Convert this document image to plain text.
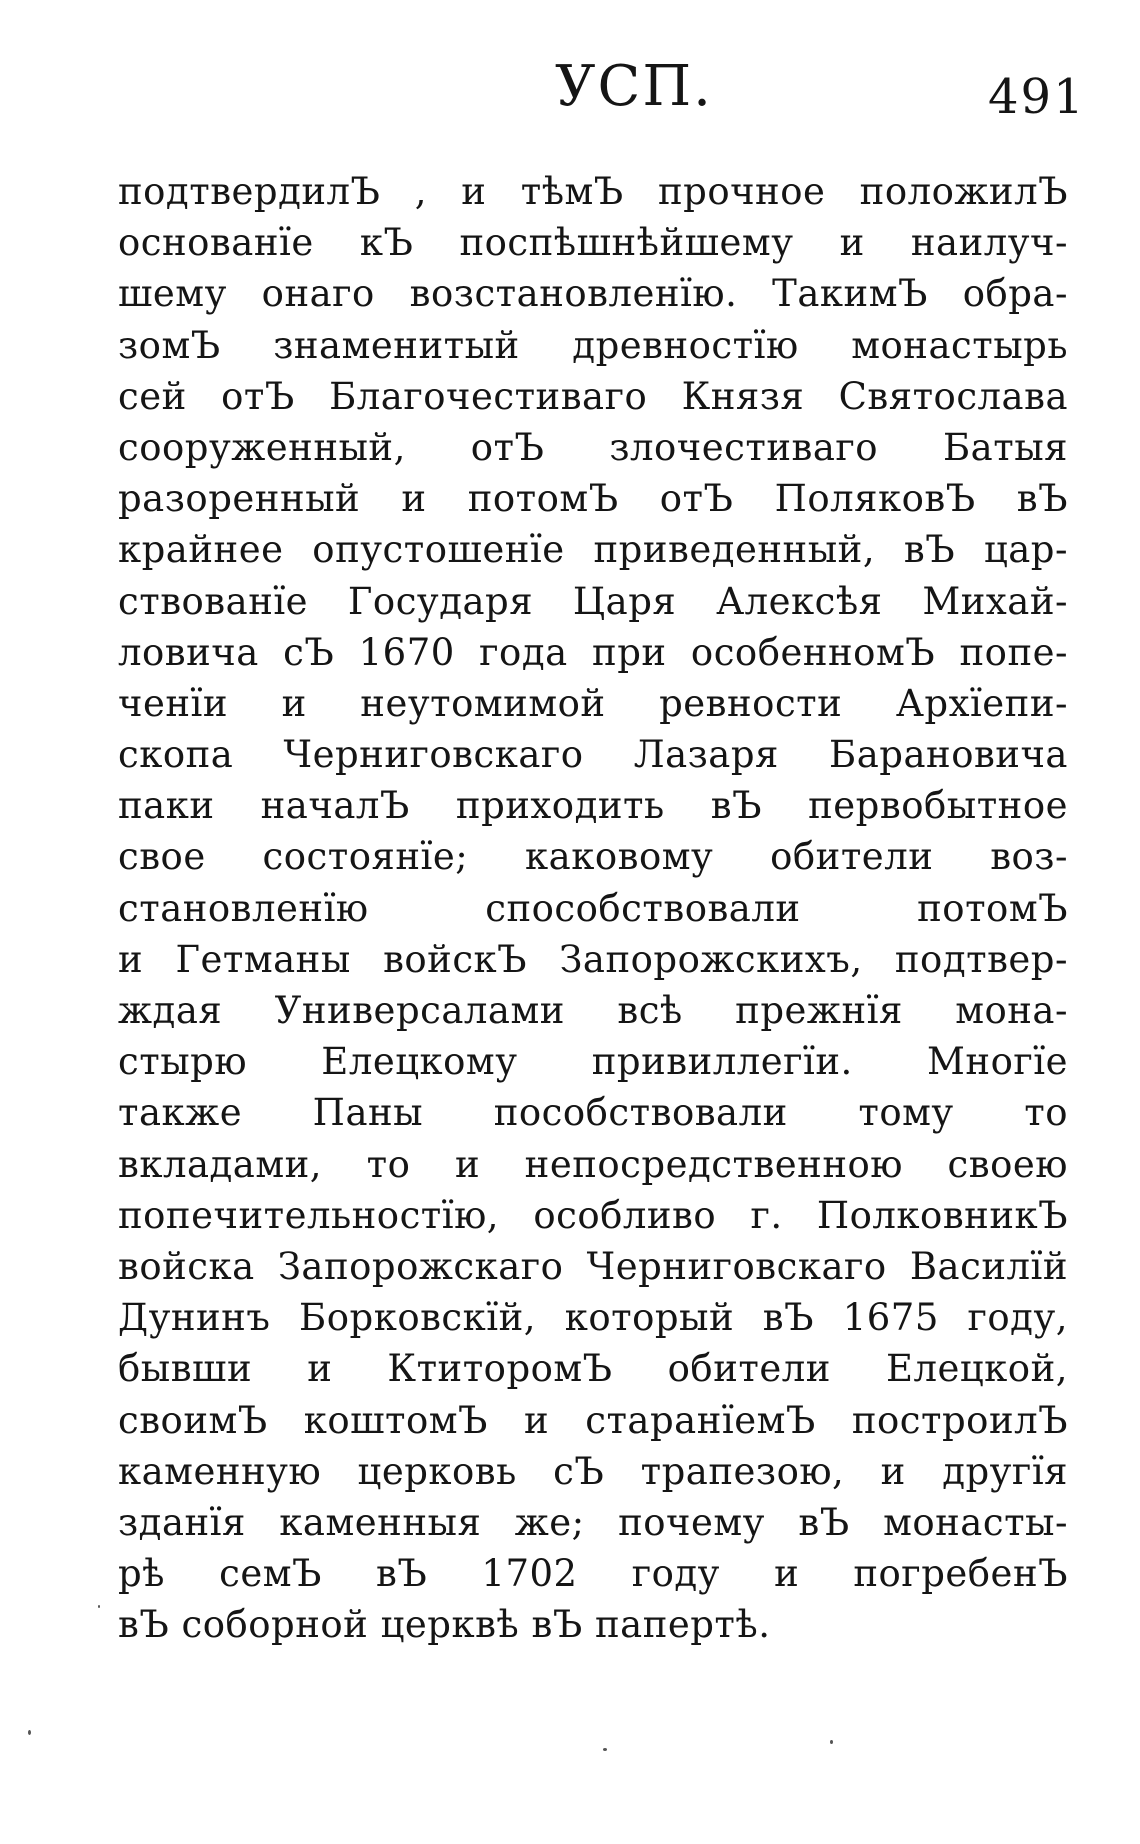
УСП.	491
подтвердилЪ , и тѣмЪ прочное положилЪ
основанїе кЪ поспѣшнѣйшему и наилуч-
шему онаго возстановленїю. ТакимЪ обра-
зомЪ знаменитый древностїю монастырь
сей отЪ Благочестиваго Князя Святослава
сооруженный, отЪ злочестиваго Батыя
разоренный и потомЪ отЪ ПоляковЪ вЪ
крайнее опустошенїе приведенный, вЪ цар-
ствованїе Государя Царя Алексѣя Михай-
ловича сЪ 1670 года при особенномЪ попе-
ченїи и неутомимой ревности Архїепи-
скопа Черниговскаго Лазаря Барановича
паки началЪ приходить вЪ первобытное
свое состоянїе; каковому обители воз-
становленїю способствовали потомЪ
и Гетманы войскЪ Запорожскихъ, подтвер-
ждая Универсалами всѣ прежнїя мона-
стырю Елецкому привиллегїи. Многїе
также Паны пособствовали тому то
вкладами, то и непосредственною своею
попечительностїю, особливо г. ПолковникЪ
войска Запорожскаго Черниговскаго Василїй
Дунинъ Борковскїй, который вЪ 1675 году,
бывши и КтиторомЪ обители Елецкой,
своимЪ коштомЪ и старанїемЪ построилЪ
каменную церковь сЪ трапезою, и другїя
зданїя каменныя же; почему вЪ монасты-
рѣ семЪ вЪ 1702 году и погребенЪ
вЪ соборной церквѣ вЪ папертѣ.
